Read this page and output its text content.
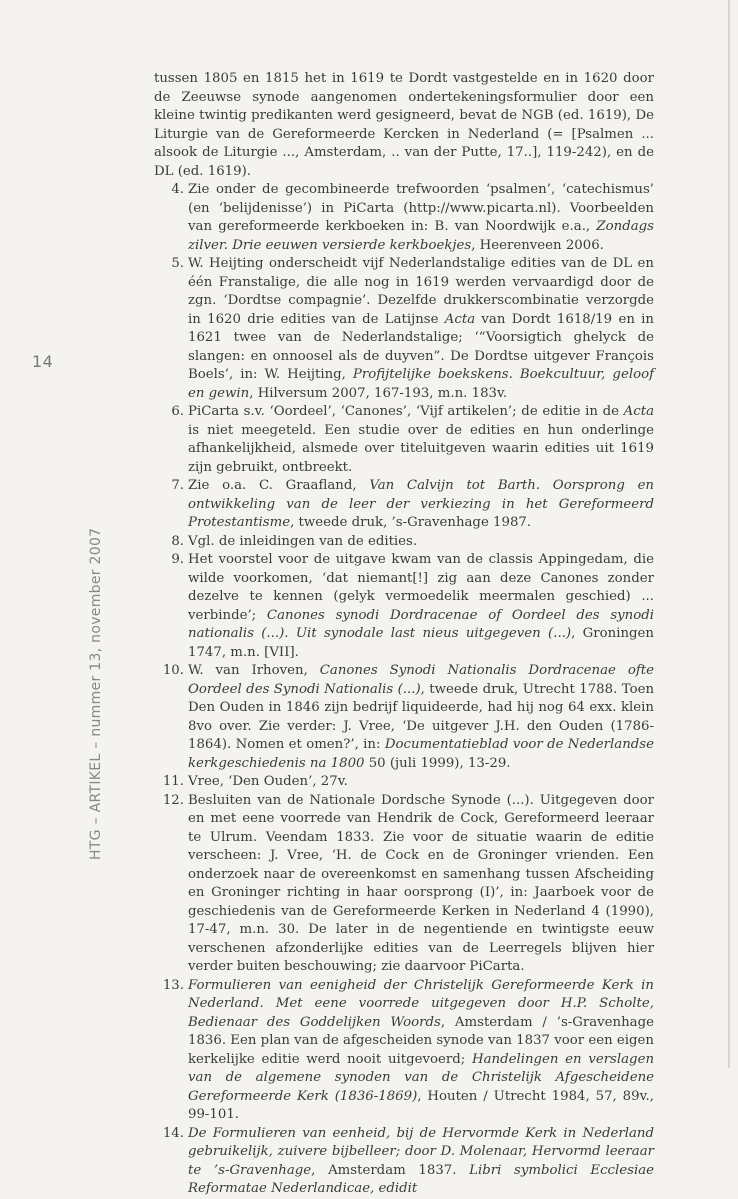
14
HTG – ARTIKEL – nummer 13, november 2007
tussen 1805 en 1815 het in 1619 te Dordt vastgestelde en in 1620 door de Zeeuwse synode aangenomen ondertekeningsformulier door een kleine twintig predikanten werd gesigneerd, bevat de NGB (ed. 1619), De Liturgie van de Gereformeerde Kercken in Nederland (= [Psalmen ... alsook de Liturgie ..., Amsterdam, .. van der Putte, 17..], 119-242), en de DL (ed. 1619).
4. Zie onder de gecombineerde trefwoorden ‘psalmen’, ‘catechismus’ (en ‘belijdenisse’) in PiCarta (http://www.picarta.nl). Voorbeelden van gereformeerde kerkboeken in: B. van Noordwijk e.a., Zondags zilver. Drie eeuwen versierde kerkboekjes, Heerenveen 2006.
5. W. Heijting onderscheidt vijf Nederlandstalige edities van de DL en één Franstalige, die alle nog in 1619 werden vervaardigd door de zgn. ‘Dordtse compagnie’. Dezelfde drukkerscombinatie verzorgde in 1620 drie edities van de Latijnse Acta van Dordt 1618/19 en in 1621 twee van de Nederlandstalige; ‘“Voorsigtich ghelyck de slangen: en onnoosel als de duyven”. De Dordtse uitgever François Boels’, in: W. Heijting, Profijtelijke boekskens. Boekcultuur, geloof en gewin, Hilversum 2007, 167-193, m.n. 183v.
6. PiCarta s.v. ‘Oordeel’, ‘Canones’, ‘Vijf artikelen’; de editie in de Acta is niet meegeteld. Een studie over de edities en hun onderlinge afhankelijkheid, alsmede over titeluitgeven waarin edities uit 1619 zijn gebruikt, ontbreekt.
7. Zie o.a. C. Graafland, Van Calvijn tot Barth. Oorsprong en ontwikkeling van de leer der verkiezing in het Gereformeerd Protestantisme, tweede druk, ’s-Gravenhage 1987.
8. Vgl. de inleidingen van de edities.
9. Het voorstel voor de uitgave kwam van de classis Appingedam, die wilde voorkomen, ‘dat niemant[!] zig aan deze Canones zonder dezelve te kennen (gelyk vermoedelik meermalen geschied) ... verbinde’; Canones synodi Dordracenae of Oordeel des synodi nationalis (...). Uit synodale last nieus uitgegeven (...), Groningen 1747, m.n. [VII].
10. W. van Irhoven, Canones Synodi Nationalis Dordracenae ofte Oordeel des Synodi Nationalis (...), tweede druk, Utrecht 1788. Toen Den Ouden in 1846 zijn bedrijf liquideerde, had hij nog 64 exx. klein 8vo over. Zie verder: J. Vree, ‘De uitgever J.H. den Ouden (1786-1864). Nomen et omen?’, in: Documentatieblad voor de Nederlandse kerkgeschiedenis na 1800 50 (juli 1999), 13-29.
11. Vree, ‘Den Ouden’, 27v.
12. Besluiten van de Nationale Dordsche Synode (...). Uitgegeven door en met eene voorrede van Hendrik de Cock, Gereformeerd leeraar te Ulrum. Veendam 1833. Zie voor de situatie waarin de editie verscheen: J. Vree, ‘H. de Cock en de Groninger vrienden. Een onderzoek naar de overeenkomst en samenhang tussen Afscheiding en Groninger richting in haar oorsprong (I)’, in: Jaarboek voor de geschiedenis van de Gereformeerde Kerken in Nederland 4 (1990), 17-47, m.n. 30. De later in de negentiende en twintigste eeuw verschenen afzonderlijke edities van de Leerregels blijven hier verder buiten beschouwing; zie daarvoor PiCarta.
13. Formulieren van eenigheid der Christelijk Gereformeerde Kerk in Nederland. Met eene voorrede uitgegeven door H.P. Scholte, Bedienaar des Goddelijken Woords, Amsterdam / ’s-Gravenhage 1836. Een plan van de afgescheiden synode van 1837 voor een eigen kerkelijke editie werd nooit uitgevoerd; Handelingen en verslagen van de algemene synoden van de Christelijk Afgescheidene Gereformeerde Kerk (1836-1869), Houten / Utrecht 1984, 57, 89v., 99-101.
14. De Formulieren van eenheid, bij de Hervormde Kerk in Nederland gebruikelijk, zuivere bijbelleer; door D. Molenaar, Hervormd leeraar te ’s-Gravenhage, Amsterdam 1837. Libri symbolici Ecclesiae Reformatae Nederlandicae, edidit
